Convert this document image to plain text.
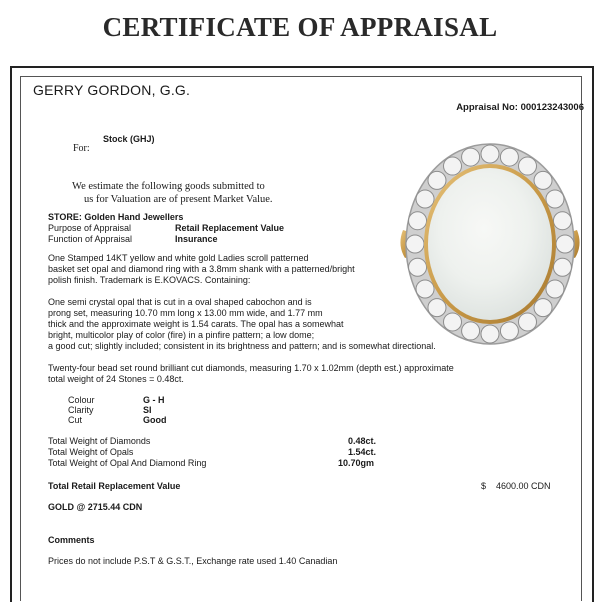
CERTIFICATE OF APPRAISAL
GERRY GORDON, G.G.
Appraisal No: 000123243006
Stock (GHJ)
For:
We estimate the following goods submitted to
us for Valuation are of present Market Value.
STORE: Golden Hand Jewellers
Purpose of Appraisal	Retail Replacement Value
Function of Appraisal	Insurance
One Stamped 14KT yellow and white gold Ladies scroll patterned
basket set opal and diamond ring with a 3.8mm shank with a patterned/bright
polish finish. Trademark is E.KOVACS. Containing:
One semi crystal opal that is cut in a oval shaped cabochon and is
prong set, measuring 10.70 mm long x 13.00 mm wide, and 1.77 mm
thick and the approximate weight is 1.54 carats. The opal has a somewhat
bright, multicolor play of color (fire) in a pinfire pattern; a low dome;
a good cut; slightly included; consistent in its brightness and pattern; and is somewhat directional.
Twenty-four bead set round brilliant cut diamonds, measuring 1.70 x 1.02mm (depth est.) approximate
total weight of 24 Stones = 0.48ct.
Colour	G - H
Clarity	SI
Cut	Good
Total Weight of Diamonds	0.48ct.
Total Weight of Opals	1.54ct.
Total Weight of Opal And Diamond Ring	10.70gm
Total Retail Replacement Value	$ 4600.00 CDN
GOLD @ 2715.44 CDN
Comments
Prices do not include P.S.T & G.S.T., Exchange rate used 1.40 Canadian
